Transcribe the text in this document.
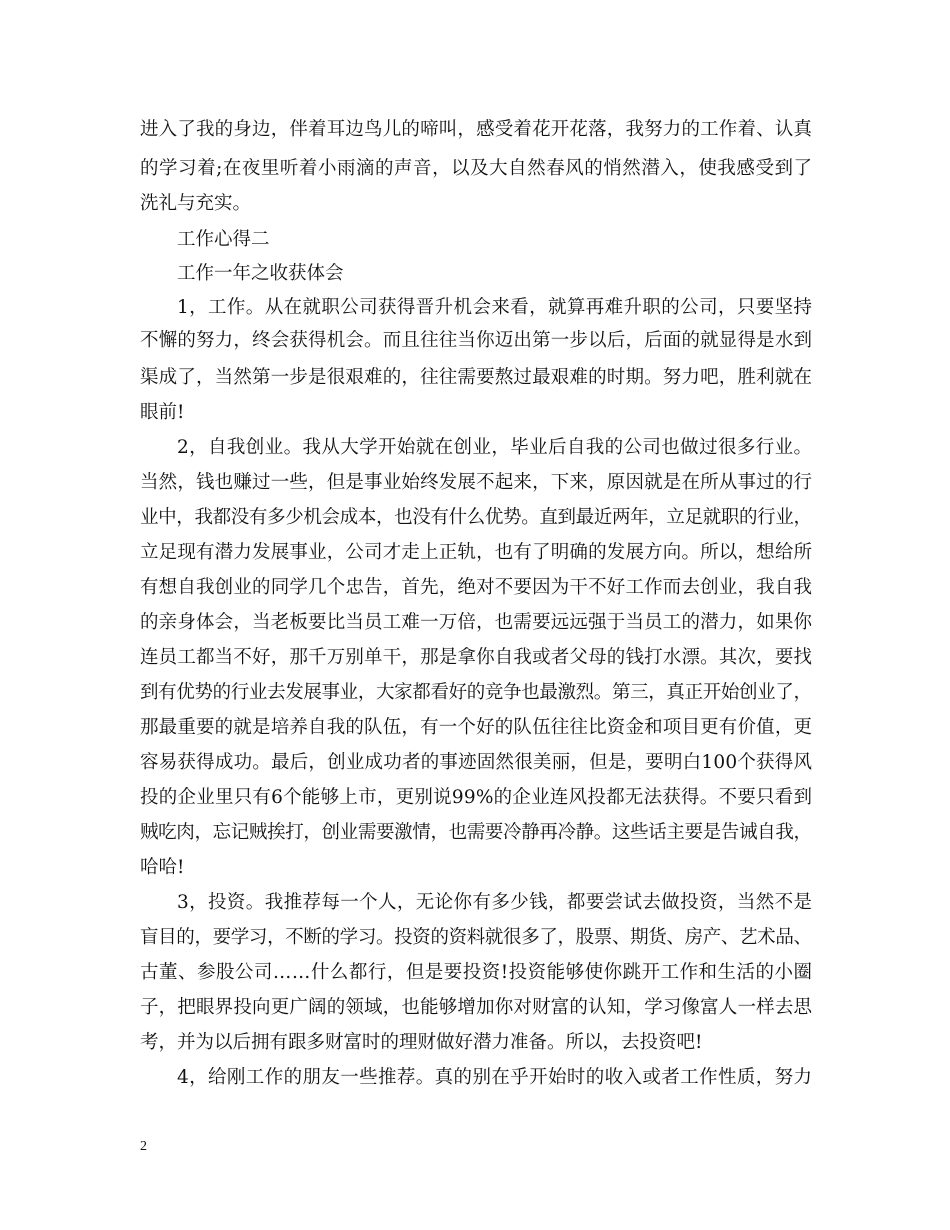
进入了我的身边，伴着耳边鸟儿的啼叫，感受着花开花落，我努力的工作着、认真
的学习着;在夜里听着小雨滴的声音，以及大自然春风的悄然潜入，使我感受到了
洗礼与充实。
工作心得二
工作一年之收获体会
1，工作。从在就职公司获得晋升机会来看，就算再难升职的公司，只要坚持
不懈的努力，终会获得机会。而且往往当你迈出第一步以后，后面的就显得是水到
渠成了，当然第一步是很艰难的，往往需要熬过最艰难的时期。努力吧，胜利就在
眼前!
2，自我创业。我从大学开始就在创业，毕业后自我的公司也做过很多行业。
当然，钱也赚过一些，但是事业始终发展不起来，下来，原因就是在所从事过的行
业中，我都没有多少机会成本，也没有什么优势。直到最近两年，立足就职的行业，
立足现有潜力发展事业，公司才走上正轨，也有了明确的发展方向。所以，想给所
有想自我创业的同学几个忠告，首先，绝对不要因为干不好工作而去创业，我自我
的亲身体会，当老板要比当员工难一万倍，也需要远远强于当员工的潜力，如果你
连员工都当不好，那千万别单干，那是拿你自我或者父母的钱打水漂。其次，要找
到有优势的行业去发展事业，大家都看好的竞争也最激烈。第三，真正开始创业了，
那最重要的就是培养自我的队伍，有一个好的队伍往往比资金和项目更有价值，更
容易获得成功。最后，创业成功者的事迹固然很美丽，但是，要明白100个获得风
投的企业里只有6个能够上市，更别说99%的企业连风投都无法获得。不要只看到
贼吃肉，忘记贼挨打，创业需要激情，也需要冷静再冷静。这些话主要是告诫自我，
哈哈!
3，投资。我推荐每一个人，无论你有多少钱，都要尝试去做投资，当然不是
盲目的，要学习，不断的学习。投资的资料就很多了，股票、期货、房产、艺术品、
古董、参股公司……什么都行，但是要投资!投资能够使你跳开工作和生活的小圈
子，把眼界投向更广阔的领域，也能够增加你对财富的认知，学习像富人一样去思
考，并为以后拥有跟多财富时的理财做好潜力准备。所以，去投资吧!
4，给刚工作的朋友一些推荐。真的别在乎开始时的收入或者工作性质，努力
2
